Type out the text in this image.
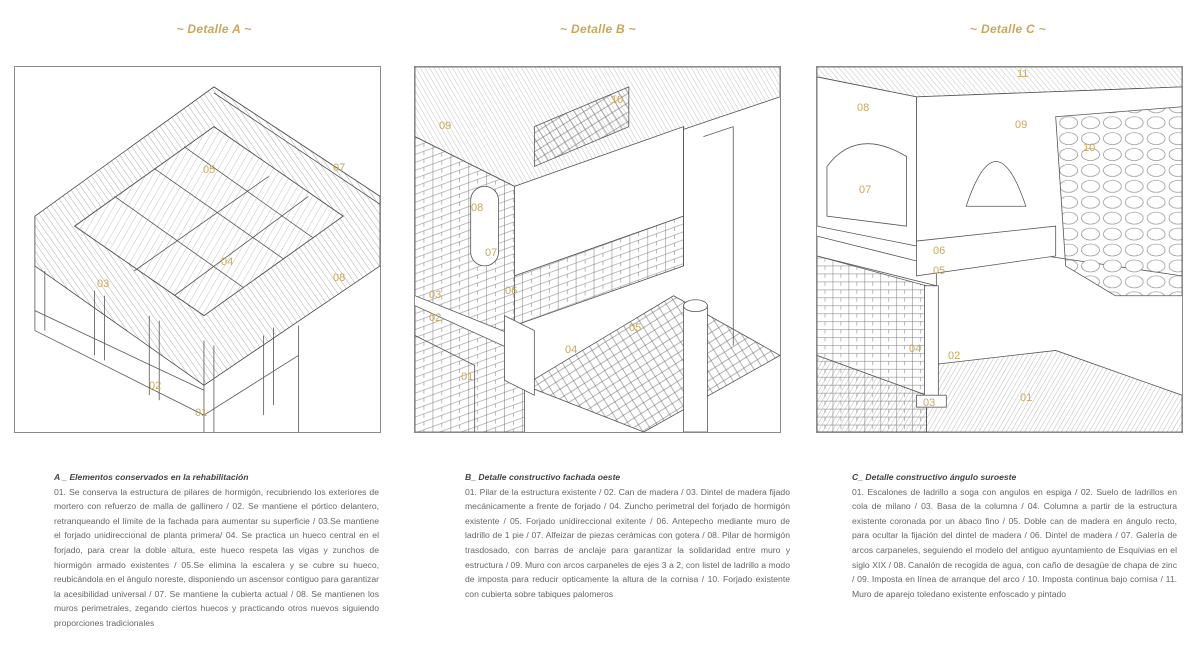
~ Detalle A ~	~ Detalle B ~	~ Detalle C ~
05	07
04
08
03
02
01
10
09
08
07
06
03
02
05
04
01
11
08
09
10
07
06
05
04
02
03	01
A _ Elementos conservados en la rehabilitación
01. Se conserva la estructura de pilares de hormigón, recubriendo los exteriores de mortero con refuerzo de malla de gallinero / 02. Se mantiene el pórtico delantero, retranqueando el límite de la fachada para aumentar su superficie / 03.Se mantiene el forjado unidireccional de planta primera/ 04. Se practica un hueco central en el forjado, para crear la doble altura, este hueco respeta las vigas y zunchos de hiormigón armado existentes / 05.Se elimina la escalera y se cubre su hueco, reubicándola en el ángulo noreste, disponiendo un ascensor contiguo para garantizar la acesibilidad universal / 07. Se mantiene la cubierta actual / 08. Se mantienen los muros perimetrales, zegando ciertos huecos y practicando otros nuevos siguiendo proporciones tradicionales
B_ Detalle constructivo fachada oeste
01. Pilar de la estructura existente / 02. Can de madera / 03. Dintel de madera fijado mecánicamente a frente de forjado / 04. Zuncho perimetral del forjado de hormigón existente / 05. Forjado unidireccional exitente / 06. Antepecho mediante muro de ladrillo de 1 pie / 07. Alfeizar de piezas cerámicas con gotera / 08. Pilar de hormigón trasdosado, con barras de anclaje para garantizar la solidaridad entre muro y estructura / 09. Muro con arcos carpaneles de ejes 3 a 2, con listel de ladrillo a modo de imposta para reducir opticamente la altura de la cornisa / 10. Forjado existente con cubierta sobre tabiques palomeros
C_ Detalle constructivo ángulo suroeste
01. Escalones de ladrillo a soga con angulos en espiga / 02. Suelo de ladrillos en cola de milano / 03. Basa de la columna / 04. Columna a partir de la estructura existente coronada por un ábaco fino / 05. Doble can de madera en ángulo recto, para ocultar la fijación del dintel de madera / 06. Dintel de madera / 07. Galería de arcos carpaneles, seguiendo el modelo del antiguo ayuntamiento de Esquivias en el siglo XIX / 08. Canalón de recogida de agua, con caño de desagüe de chapa de zinc / 09. Imposta en línea de arranque del arco / 10. Imposta continua bajo cornisa / 11. Muro de aparejo toledano existente enfoscado y pintado
